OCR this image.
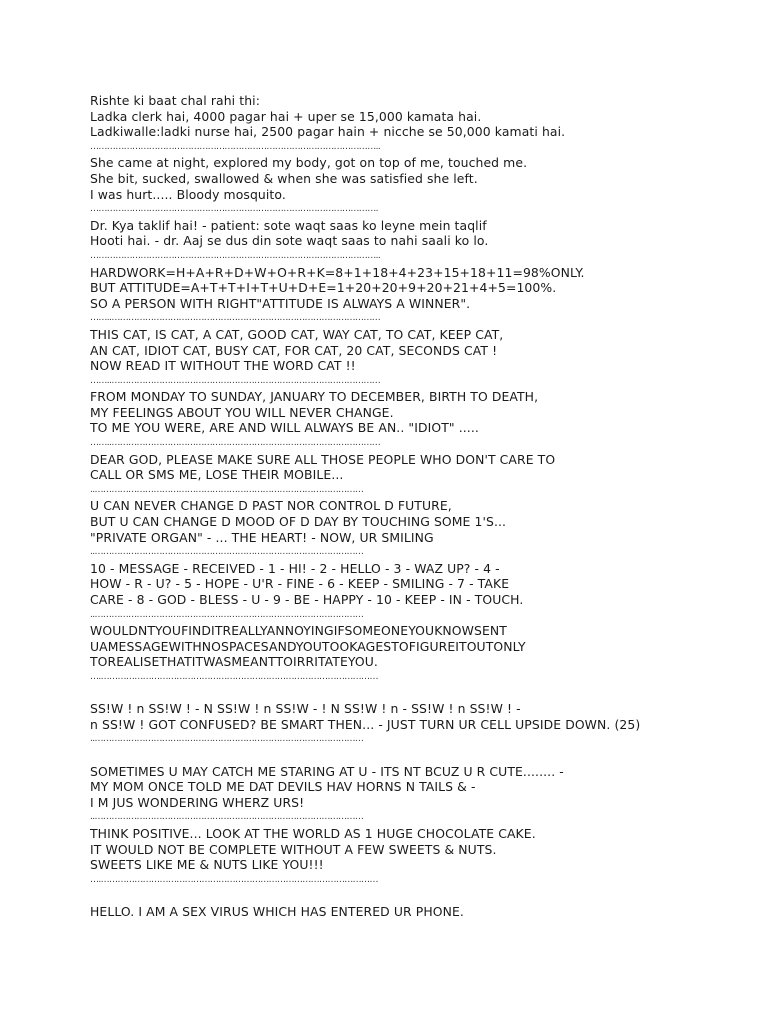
Rishte ki baat chal rahi thi:
Ladka clerk hai, 4000 pagar hai + uper se 15,000 kamata hai.
Ladkiwalle:ladki nurse hai, 2500 pagar hain + nicche se 50,000 kamati hai.
…………………………………………………………………………………………..
She came at night, explored my body, got on top of me, touched me.
She bit, sucked, swallowed & when she was satisfied she left.
I was hurt..... Bloody mosquito.
………………………………………………………………………………………….
Dr. Kya taklif hai! - patient: sote waqt saas ko leyne mein taqlif
Hooti hai. - dr. Aaj se dus din sote waqt saas to nahi saali ko lo.
…………………………………………………………………………………………..
HARDWORK=H+A+R+D+W+O+R+K=8+1+18+4+23+15+18+11=98%ONLY.
BUT ATTITUDE=A+T+T+I+T+U+D+E=1+20+20+9+20+21+4+5=100%.
SO A PERSON WITH RIGHT"ATTITUDE IS ALWAYS A WINNER".
……..……………………………………………………………………………………
THIS CAT, IS CAT, A CAT, GOOD CAT, WAY CAT, TO CAT, KEEP CAT,
AN CAT, IDIOT CAT, BUSY CAT, FOR CAT, 20 CAT, SECONDS CAT !
NOW READ IT WITHOUT THE WORD CAT !!
……..……………………………………………………………………………………
FROM MONDAY TO SUNDAY, JANUARY TO DECEMBER, BIRTH TO DEATH,
MY FEELINGS ABOUT YOU WILL NEVER CHANGE.
TO ME YOU WERE, ARE AND WILL ALWAYS BE AN.. "IDIOT" .....
……..……………………………………………………………………………………
DEAR GOD, PLEASE MAKE SURE ALL THOSE PEOPLE WHO DON'T CARE TO
CALL OR SMS ME, LOSE THEIR MOBILE...
..……………………………………………………………………………………
U CAN NEVER CHANGE D PAST NOR CONTROL D FUTURE,
BUT U CAN CHANGE D MOOD OF D DAY BY TOUCHING SOME 1'S...
"PRIVATE ORGAN" - ... THE HEART! - NOW, UR SMILING
..……………………………………………………………………………………
10 - MESSAGE - RECEIVED - 1 - HI! - 2 - HELLO - 3 - WAZ UP? - 4 -
HOW - R - U? - 5 - HOPE - U'R - FINE - 6 - KEEP - SMILING - 7 - TAKE
CARE - 8 - GOD - BLESS - U - 9 - BE - HAPPY - 10 - KEEP - IN - TOUCH.
..……………………………………………………………………………………
WOULDNTYOUFINDITREALLYANNOYINGIFSOMEONEYOUKNOWSENT
UAMESSAGEWITHNOSPACESANDYOUTOOKAGESTOFIGUREITOUTONLY
TOREALISETHATITWASMEANTTOIRRITATEYOU.
….………………………………………………………………………………………
SS!W ! n SS!W ! - N SS!W ! n SS!W - ! N SS!W ! n - SS!W ! n SS!W ! -
n SS!W ! GOT CONFUSED? BE SMART THEN... - JUST TURN UR CELL UPSIDE DOWN. (25)
..……………………………………………………………………………………
SOMETIMES U MAY CATCH ME STARING AT U - ITS NT BCUZ U R CUTE........ -
MY MOM ONCE TOLD ME DAT DEVILS HAV HORNS N TAILS & -
I M JUS WONDERING WHERZ URS!
..……………………………………………………………………………………
THINK POSITIVE... LOOK AT THE WORLD AS 1 HUGE CHOCOLATE CAKE.
IT WOULD NOT BE COMPLETE WITHOUT A FEW SWEETS & NUTS.
SWEETS LIKE ME & NUTS LIKE YOU!!!
….………………………………………………………………………………………
HELLO. I AM A SEX VIRUS WHICH HAS ENTERED UR PHONE.
